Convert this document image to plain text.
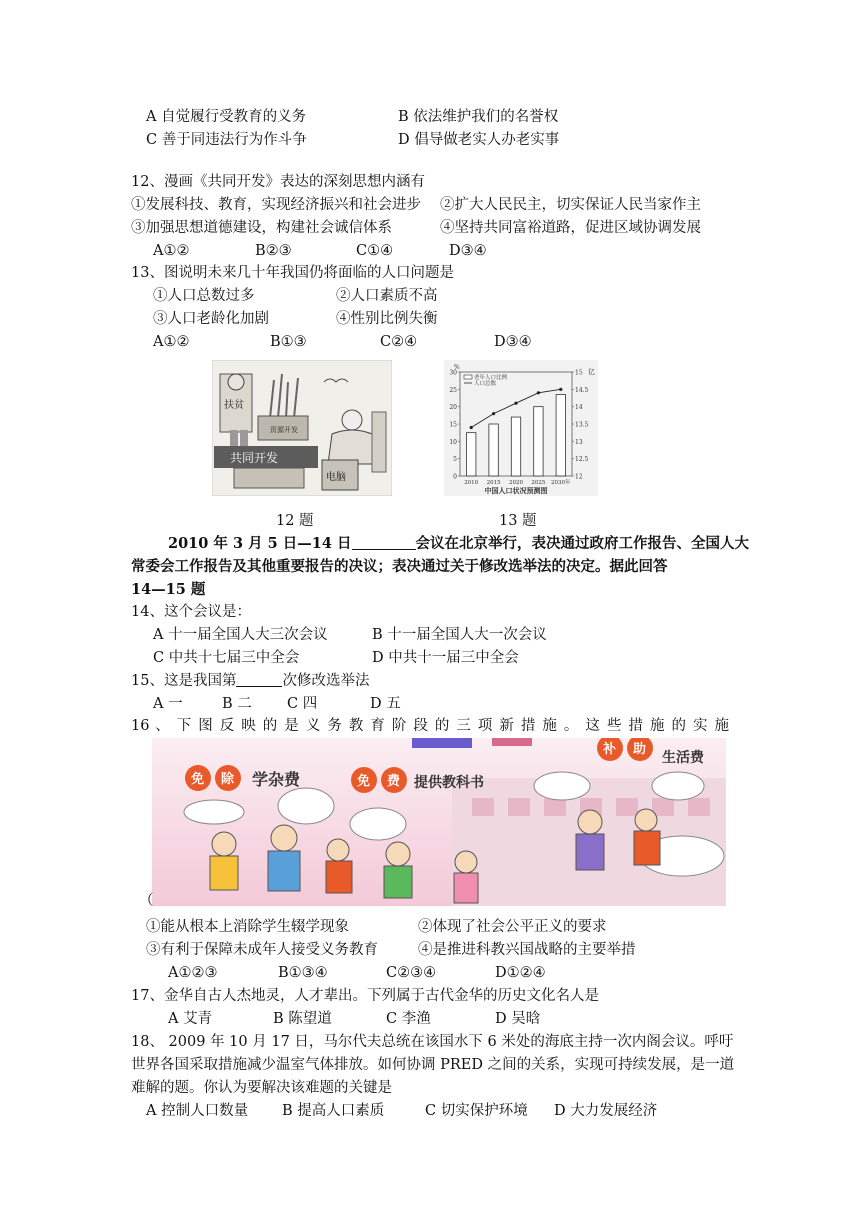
A 自觉履行受教育的义务	B 依法维护我们的名誉权
C 善于同违法行为作斗争	D 倡导做老实人办老实事
12、漫画《共同开发》表达的深刻思想内涵有
①发展科技、教育，实现经济振兴和社会进步 ②扩大人民民主，切实保证人民当家作主
③加强思想道德建设，构建社会诚信体系	④坚持共同富裕道路，促进区域协调发展
A①②	B②③	C①④	D③④
13、图说明未来几十年我国仍将面临的人口问题是
①人口总数过多	②人口素质不高
③人口老龄化加剧	④性别比例失衡
A①②	B①③	C②④	D③④
扶贫
资源开发
共同开发
电脑	0
5
10
15
20
25
30
%
12
12.5
13
13.5
14
14.5
15 亿
2010 2015 2020 2025 2030年
老年人口比例
人口总数
中国人口状况预测图
12 题	13 题
2010 年 3 月 5 日—14 日	会议在北京举行，表决通过政府工作报告、全国人大
常委会工作报告及其他重要报告的决议；表决通过关于修改选举法的决定。据此回答
14—15 题
14、这个会议是：
A 十一届全国人大三次会议	B 十一届全国人大一次会议
C 中共十七届三中全会	D 中共十一届三中全会
15、这是我国第	次修改选举法
A 一	B 二 C 四	D 五
16 、 下 图 反 映 的 是 义 务 教 育 阶 段 的 三 项 新 措 施 。 这 些 措 施 的 实 施
免 除 学杂费	免 费 提供教科书
补 助
生活费
（
①能从根本上消除学生辍学现象	②体现了社会公平正义的要求
③有利于保障未成年人接受义务教育	④是推进科教兴国战略的主要举措
A①②③	B①③④	C②③④	D①②④
17、金华自古人杰地灵，人才辈出。下列属于古代金华的历史文化名人是
A 艾青	B 陈望道	C 李渔	D 吴晗
18、 2009 年 10 月 17 日，马尔代夫总统在该国水下 6 米处的海底主持一次内阁会议。呼吁
世界各国采取措施减少温室气体排放。如何协调 PRED 之间的关系，实现可持续发展，是一道
难解的题。你认为要解决该难题的关键是
A 控制人口数量 B 提高人口素质	C 切实保护环境 D 大力发展经济
